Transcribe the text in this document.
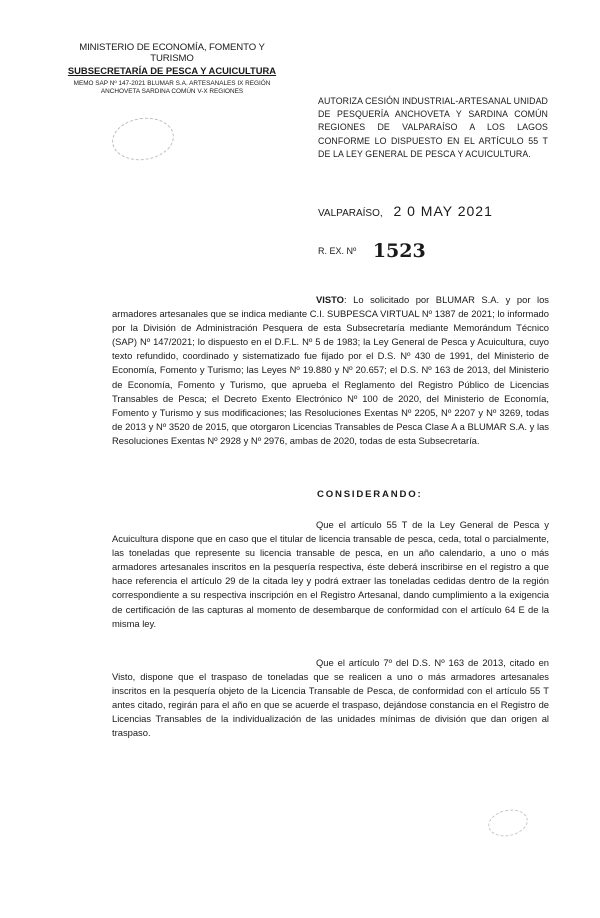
MINISTERIO DE ECONOMÍA, FOMENTO Y TURISMO
SUBSECRETARÍA DE PESCA Y ACUICULTURA
MEMO SAP Nº 147-2021 BLUMAR S.A. ARTESANALES IX REGIÓN
ANCHOVETA SARDINA COMÚN V-X REGIONES
AUTORIZA CESIÓN INDUSTRIAL-ARTESANAL UNIDAD DE PESQUERÍA ANCHOVETA Y SARDINA COMÚN REGIONES DE VALPARAÍSO A LOS LAGOS CONFORME LO DISPUESTO EN EL ARTÍCULO 55 T DE LA LEY GENERAL DE PESCA Y ACUICULTURA.
VALPARAÍSO, 2 0 MAY 2021
R. EX. Nº 1523
VISTO: Lo solicitado por BLUMAR S.A. y por los armadores artesanales que se indica mediante C.I. SUBPESCA VIRTUAL Nº 1387 de 2021; lo informado por la División de Administración Pesquera de esta Subsecretaría mediante Memorándum Técnico (SAP) Nº 147/2021; lo dispuesto en el D.F.L. Nº 5 de 1983; la Ley General de Pesca y Acuicultura, cuyo texto refundido, coordinado y sistematizado fue fijado por el D.S. Nº 430 de 1991, del Ministerio de Economía, Fomento y Turismo; las Leyes Nº 19.880 y Nº 20.657; el D.S. Nº 163 de 2013, del Ministerio de Economía, Fomento y Turismo, que aprueba el Reglamento del Registro Público de Licencias Transables de Pesca; el Decreto Exento Electrónico Nº 100 de 2020, del Ministerio de Economía, Fomento y Turismo y sus modificaciones; las Resoluciones Exentas Nº 2205, Nº 2207 y Nº 3269, todas de 2013 y Nº 3520 de 2015, que otorgaron Licencias Transables de Pesca Clase A a BLUMAR S.A. y las Resoluciones Exentas Nº 2928 y Nº 2976, ambas de 2020, todas de esta Subsecretaría.
CONSIDERANDO:
Que el artículo 55 T de la Ley General de Pesca y Acuicultura dispone que en caso que el titular de licencia transable de pesca, ceda, total o parcialmente, las toneladas que represente su licencia transable de pesca, en un año calendario, a uno o más armadores artesanales inscritos en la pesquería respectiva, éste deberá inscribirse en el registro a que hace referencia el artículo 29 de la citada ley y podrá extraer las toneladas cedidas dentro de la región correspondiente a su respectiva inscripción en el Registro Artesanal, dando cumplimiento a la exigencia de certificación de las capturas al momento de desembarque de conformidad con el artículo 64 E de la misma ley.
Que el artículo 7º del D.S. Nº 163 de 2013, citado en Visto, dispone que el traspaso de toneladas que se realicen a uno o más armadores artesanales inscritos en la pesquería objeto de la Licencia Transable de Pesca, de conformidad con el artículo 55 T antes citado, regirán para el año en que se acuerde el traspaso, dejándose constancia en el Registro de Licencias Transables de la individualización de las unidades mínimas de división que dan origen al traspaso.
